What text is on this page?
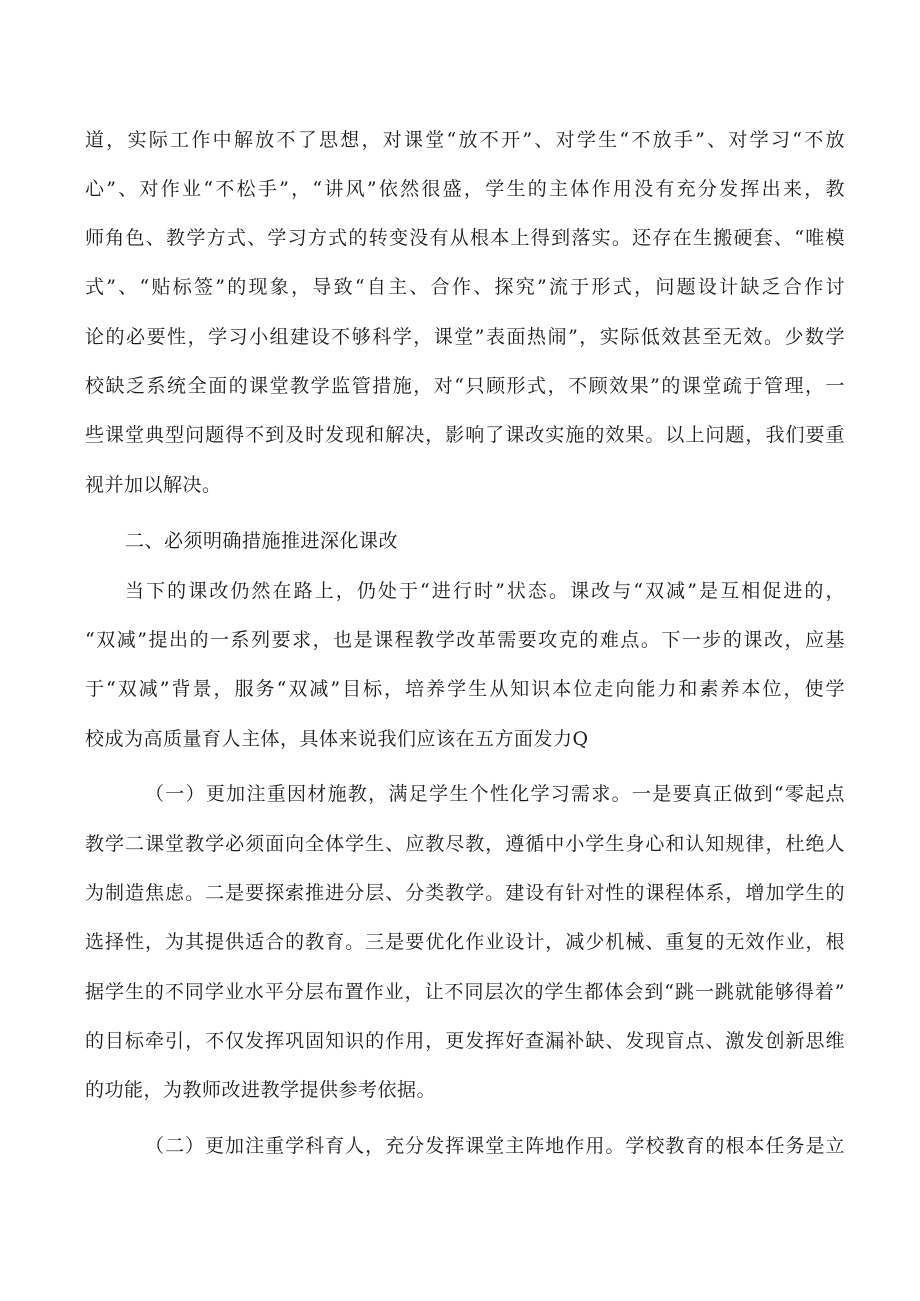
道，实际工作中解放不了思想，对课堂“放不开”、对学生“不放手”、对学习“不放
心”、对作业“不松手”，“讲风”依然很盛，学生的主体作用没有充分发挥出来，教
师角色、教学方式、学习方式的转变没有从根本上得到落实。还存在生搬硬套、“唯模
式”、“贴标签”的现象，导致“自主、合作、探究”流于形式，问题设计缺乏合作讨
论的必要性，学习小组建设不够科学，课堂”表面热闹”，实际低效甚至无效。少数学
校缺乏系统全面的课堂教学监管措施，对“只顾形式，不顾效果”的课堂疏于管理，一
些课堂典型问题得不到及时发现和解决，影响了课改实施的效果。以上问题，我们要重
视并加以解决。
二、必须明确措施推进深化课改
当下的课改仍然在路上，仍处于“进行时”状态。课改与“双减”是互相促进的，
“双减”提出的一系列要求，也是课程教学改革需要攻克的难点。下一步的课改，应基
于“双减”背景，服务“双减”目标，培养学生从知识本位走向能力和素养本位，使学
校成为高质量育人主体，具体来说我们应该在五方面发力Q
（一）更加注重因材施教，满足学生个性化学习需求。一是要真正做到“零起点
教学二课堂教学必须面向全体学生、应教尽教，遵循中小学生身心和认知规律，杜绝人
为制造焦虑。二是要探索推进分层、分类教学。建设有针对性的课程体系，增加学生的
选择性，为其提供适合的教育。三是要优化作业设计，减少机械、重复的无效作业，根
据学生的不同学业水平分层布置作业，让不同层次的学生都体会到“跳一跳就能够得着”
的目标牵引，不仅发挥巩固知识的作用，更发挥好查漏补缺、发现盲点、激发创新思维
的功能，为教师改进教学提供参考依据。
（二）更加注重学科育人，充分发挥课堂主阵地作用。学校教育的根本任务是立
